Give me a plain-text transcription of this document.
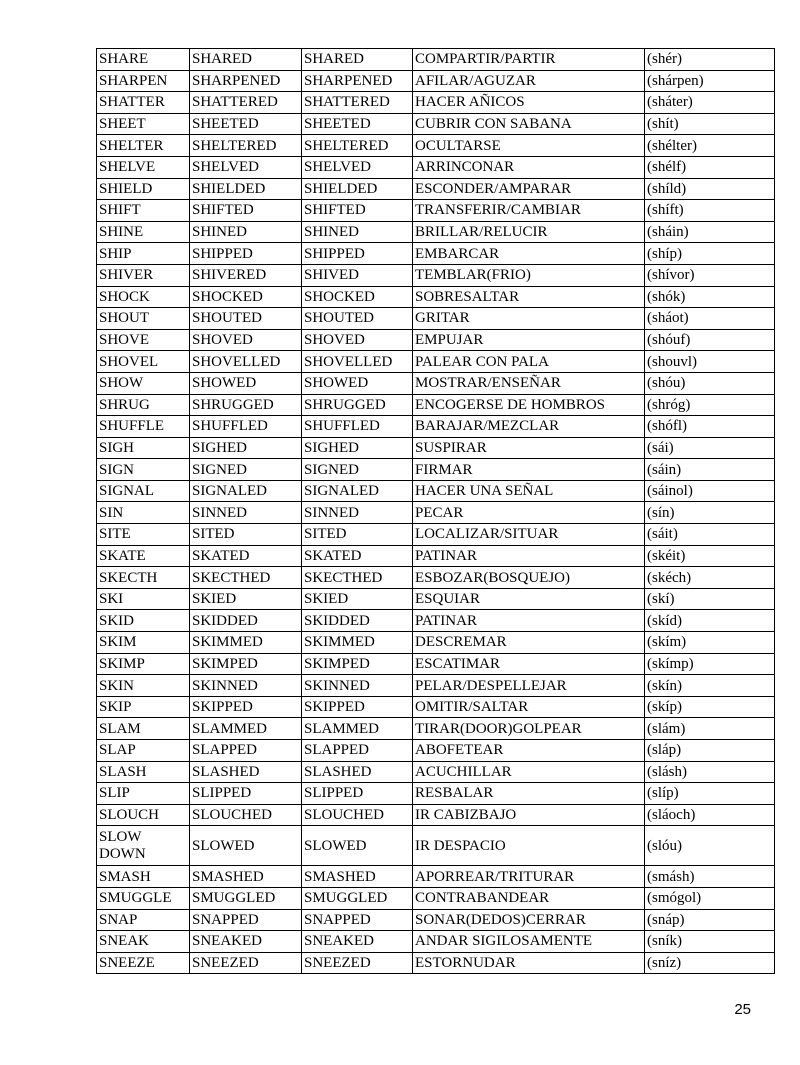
SHARE	SHARED	SHARED	COMPARTIR/PARTIR	(shér)
SHARPEN	SHARPENED	SHARPENED	AFILAR/AGUZAR	(shárpen)
SHATTER	SHATTERED	SHATTERED	HACER AÑICOS	(sháter)
SHEET	SHEETED	SHEETED	CUBRIR CON SABANA	(shít)
SHELTER	SHELTERED	SHELTERED	OCULTARSE	(shélter)
SHELVE	SHELVED	SHELVED	ARRINCONAR	(shélf)
SHIELD	SHIELDED	SHIELDED	ESCONDER/AMPARAR	(shíld)
SHIFT	SHIFTED	SHIFTED	TRANSFERIR/CAMBIAR	(shíft)
SHINE	SHINED	SHINED	BRILLAR/RELUCIR	(sháin)
SHIP	SHIPPED	SHIPPED	EMBARCAR	(shíp)
SHIVER	SHIVERED	SHIVED	TEMBLAR(FRIO)	(shívor)
SHOCK	SHOCKED	SHOCKED	SOBRESALTAR	(shók)
SHOUT	SHOUTED	SHOUTED	GRITAR	(sháot)
SHOVE	SHOVED	SHOVED	EMPUJAR	(shóuf)
SHOVEL	SHOVELLED	SHOVELLED	PALEAR CON PALA	(shouvl)
SHOW	SHOWED	SHOWED	MOSTRAR/ENSEÑAR	(shóu)
SHRUG	SHRUGGED	SHRUGGED	ENCOGERSE DE HOMBROS	(shróg)
SHUFFLE	SHUFFLED	SHUFFLED	BARAJAR/MEZCLAR	(shófl)
SIGH	SIGHED	SIGHED	SUSPIRAR	(sái)
SIGN	SIGNED	SIGNED	FIRMAR	(sáin)
SIGNAL	SIGNALED	SIGNALED	HACER UNA SEÑAL	(sáinol)
SIN	SINNED	SINNED	PECAR	(sín)
SITE	SITED	SITED	LOCALIZAR/SITUAR	(sáit)
SKATE	SKATED	SKATED	PATINAR	(skéit)
SKECTH	SKECTHED	SKECTHED	ESBOZAR(BOSQUEJO)	(skéch)
SKI	SKIED	SKIED	ESQUIAR	(skí)
SKID	SKIDDED	SKIDDED	PATINAR	(skíd)
SKIM	SKIMMED	SKIMMED	DESCREMAR	(skím)
SKIMP	SKIMPED	SKIMPED	ESCATIMAR	(skímp)
SKIN	SKINNED	SKINNED	PELAR/DESPELLEJAR	(skín)
SKIP	SKIPPED	SKIPPED	OMITIR/SALTAR	(skíp)
SLAM	SLAMMED	SLAMMED	TIRAR(DOOR)GOLPEAR	(slám)
SLAP	SLAPPED	SLAPPED	ABOFETEAR	(sláp)
SLASH	SLASHED	SLASHED	ACUCHILLAR	(slásh)
SLIP	SLIPPED	SLIPPED	RESBALAR	(slíp)
SLOUCH	SLOUCHED	SLOUCHED	IR CABIZBAJO	(sláoch)
SLOW DOWN	SLOWED	SLOWED	IR DESPACIO	(slóu)
SMASH	SMASHED	SMASHED	APORREAR/TRITURAR	(smásh)
SMUGGLE	SMUGGLED	SMUGGLED	CONTRABANDEAR	(smógol)
SNAP	SNAPPED	SNAPPED	SONAR(DEDOS)CERRAR	(snáp)
SNEAK	SNEAKED	SNEAKED	ANDAR SIGILOSAMENTE	(sník)
SNEEZE	SNEEZED	SNEEZED	ESTORNUDAR	(sníz)
25
